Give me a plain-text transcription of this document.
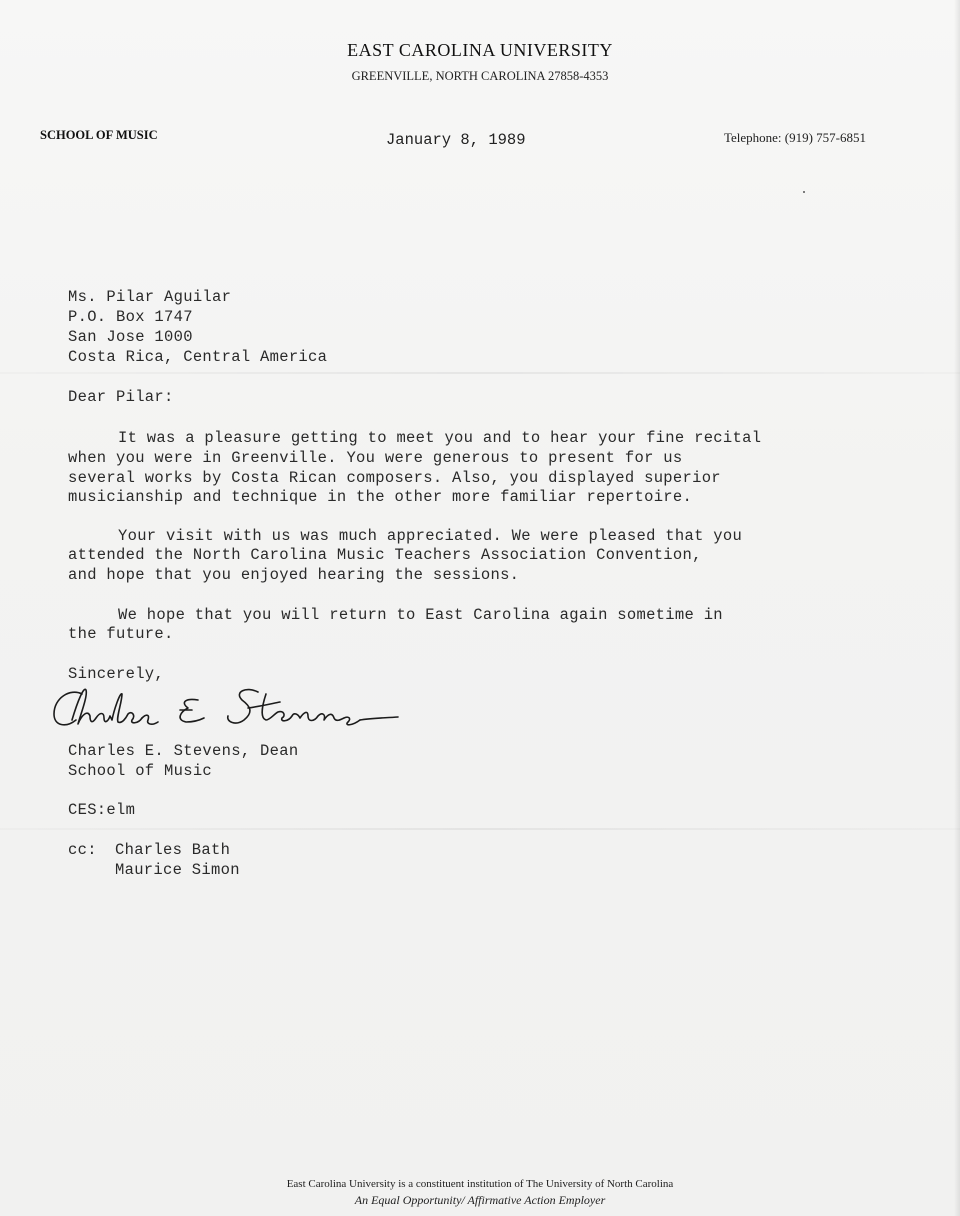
EAST CAROLINA UNIVERSITY
GREENVILLE, NORTH CAROLINA 27858-4353
SCHOOL OF MUSIC	January 8, 1989	Telephone: (919) 757-6851
Ms. Pilar Aguilar
P.O. Box 1747
San Jose 1000
Costa Rica, Central America
Dear Pilar:
It was a pleasure getting to meet you and to hear your fine recital
when you were in Greenville. You were generous to present for us
several works by Costa Rican composers. Also, you displayed superior
musicianship and technique in the other more familiar repertoire.
Your visit with us was much appreciated. We were pleased that you
attended the North Carolina Music Teachers Association Convention,
and hope that you enjoyed hearing the sessions.
We hope that you will return to East Carolina again sometime in
the future.
Sincerely,
Charles E. Stevens, Dean
School of Music
CES:elm
cc: Charles Bath
Maurice Simon
East Carolina University is a constituent institution of The University of North Carolina
An Equal Opportunity/ Affirmative Action Employer
